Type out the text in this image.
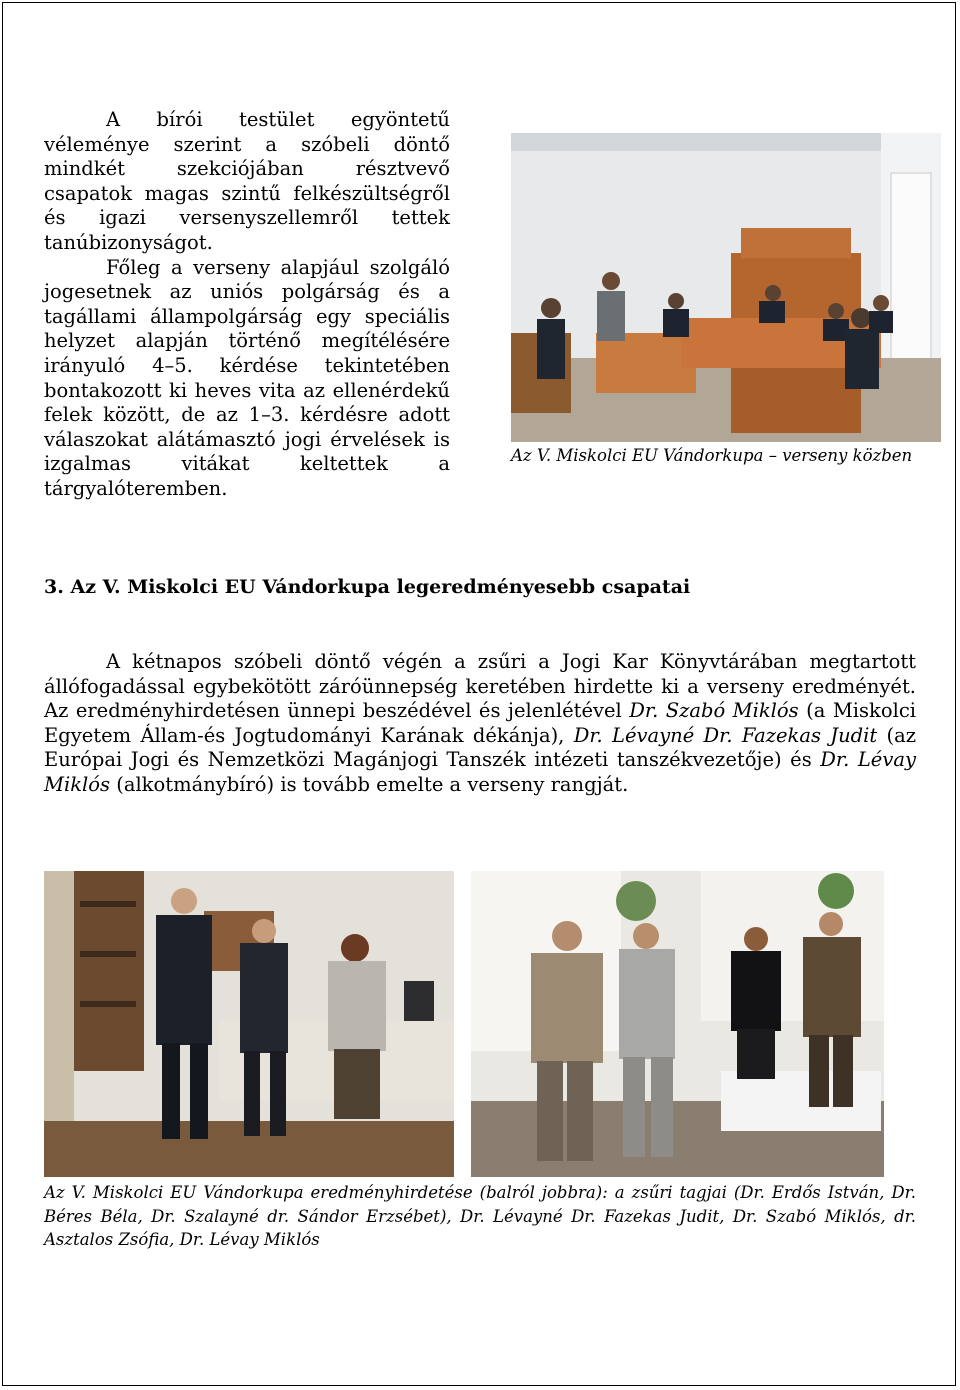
A bírói testület egyöntetű véleménye szerint a szóbeli döntő mindkét szekciójában résztvevő csapatok magas szintű felkészültségről és igazi versenyszellemről tettek tanúbizonyságot.

Főleg a verseny alapjául szolgáló jogesetnek az uniós polgárság és a tagállami állampolgárság egy speciális helyzet alapján történő megítélésére irányuló 4–5. kérdése tekintetében bontakozott ki heves vita az ellenérdekű felek között, de az 1–3. kérdésre adott válaszokat alátámasztó jogi érvelések is izgalmas vitákat keltettek a tárgyalóteremben.

Az V. Miskolci EU Vándorkupa – verseny közben
3. Az V. Miskolci EU Vándorkupa legeredményesebb csapatai

A kétnapos szóbeli döntő végén a zsűri a Jogi Kar Könyvtárában megtartott állófogadással egybekötött záróünnepség keretében hirdette ki a verseny eredményét. Az eredményhirdetésen ünnepi beszédével és jelenlétével Dr. Szabó Miklós (a Miskolci Egyetem Állam-és Jogtudományi Karának dékánja), Dr. Lévayné Dr. Fazekas Judit (az Európai Jogi és Nemzetközi Magánjogi Tanszék intézeti tanszékvezetője) és Dr. Lévay Miklós (alkotmánybíró) is tovább emelte a verseny rangját.

Az V. Miskolci EU Vándorkupa eredményhirdetése (balról jobbra): a zsűri tagjai (Dr. Erdős István, Dr. Béres Béla, Dr. Szalayné dr. Sándor Erzsébet), Dr. Lévayné Dr. Fazekas Judit, Dr. Szabó Miklós, dr. Asztalos Zsófia, Dr. Lévay Miklós
